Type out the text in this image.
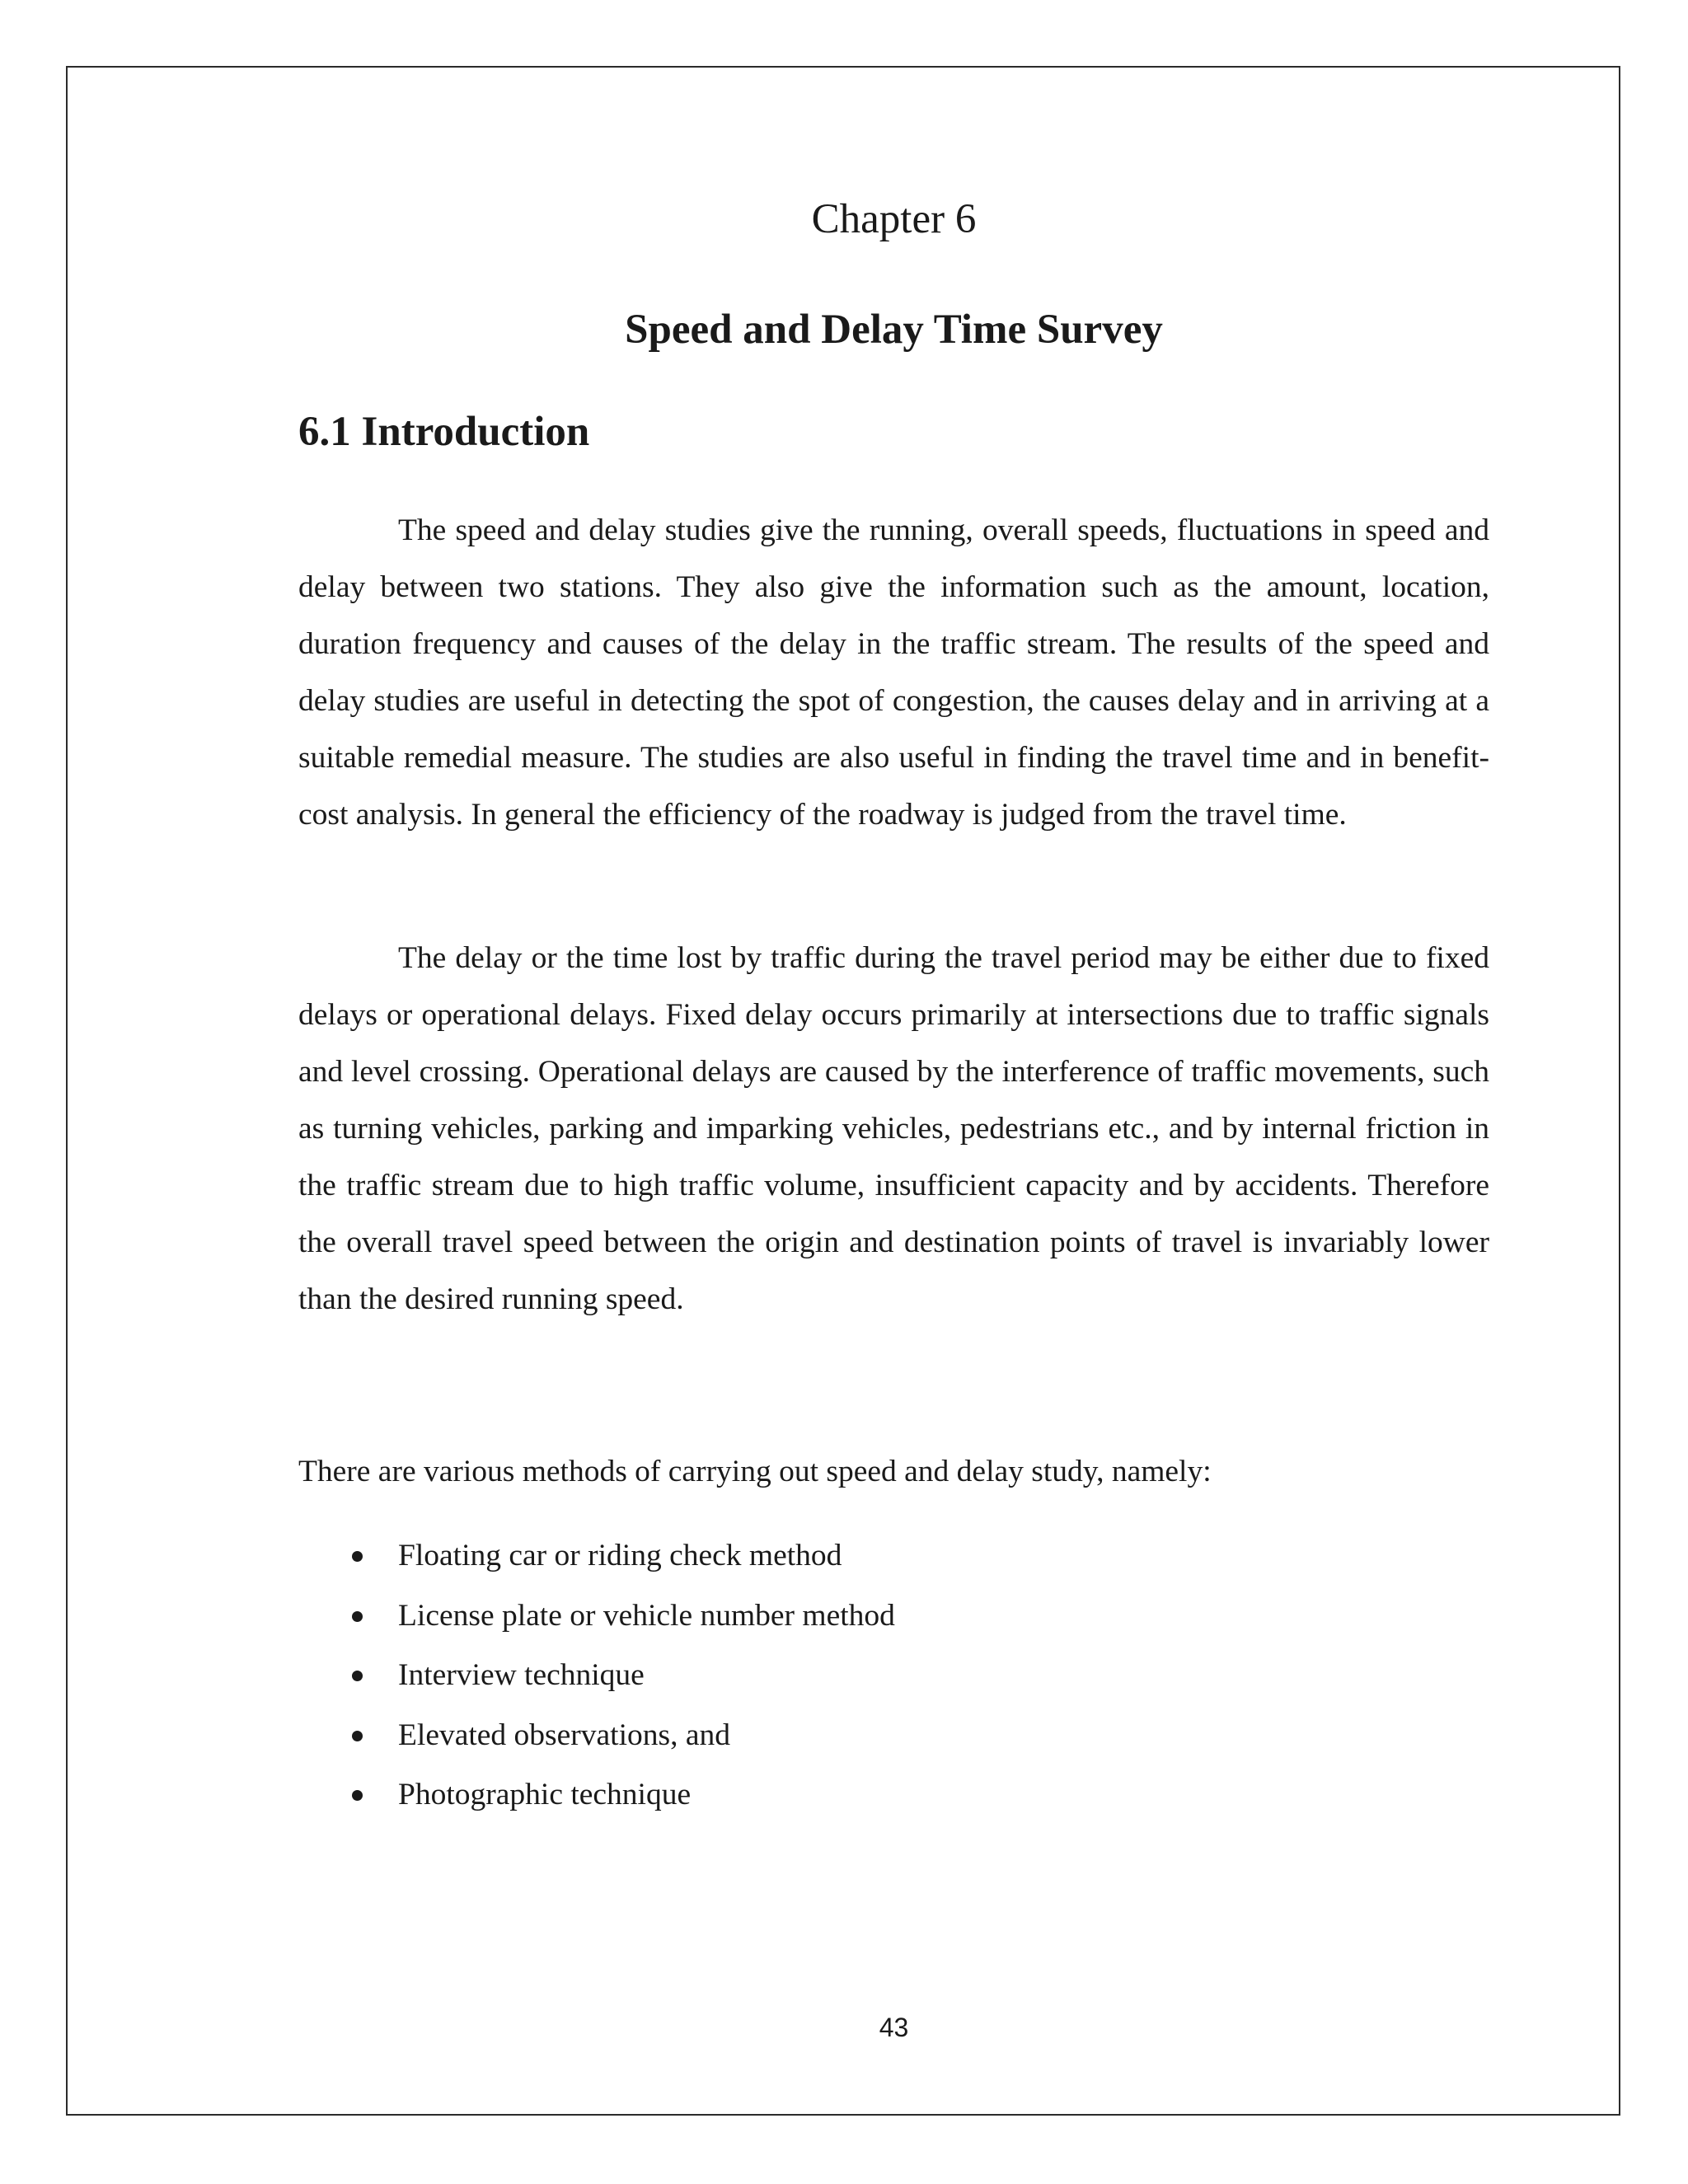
Chapter 6
Speed and Delay Time Survey
6.1 Introduction

The speed and delay studies give the running, overall speeds, fluctuations in speed and delay between two stations. They also give the information such as the amount, location, duration frequency and causes of the delay in the traffic stream. The results of the speed and delay studies are useful in detecting the spot of congestion, the causes delay and in arriving at a suitable remedial measure. The studies are also useful in finding the travel time and in benefit-cost analysis. In general the efficiency of the roadway is judged from the travel time.

The delay or the time lost by traffic during the travel period may be either due to fixed delays or operational delays. Fixed delay occurs primarily at intersections due to traffic signals and level crossing. Operational delays are caused by the interference of traffic movements, such as turning vehicles, parking and imparking vehicles, pedestrians etc., and by internal friction in the traffic stream due to high traffic volume, insufficient capacity and by accidents. Therefore the overall travel speed between the origin and destination points of travel is invariably lower than the desired running speed.

There are various methods of carrying out speed and delay study, namely:

Floating car or riding check method
License plate or vehicle number method
Interview technique
Elevated observations, and
Photographic technique
43
